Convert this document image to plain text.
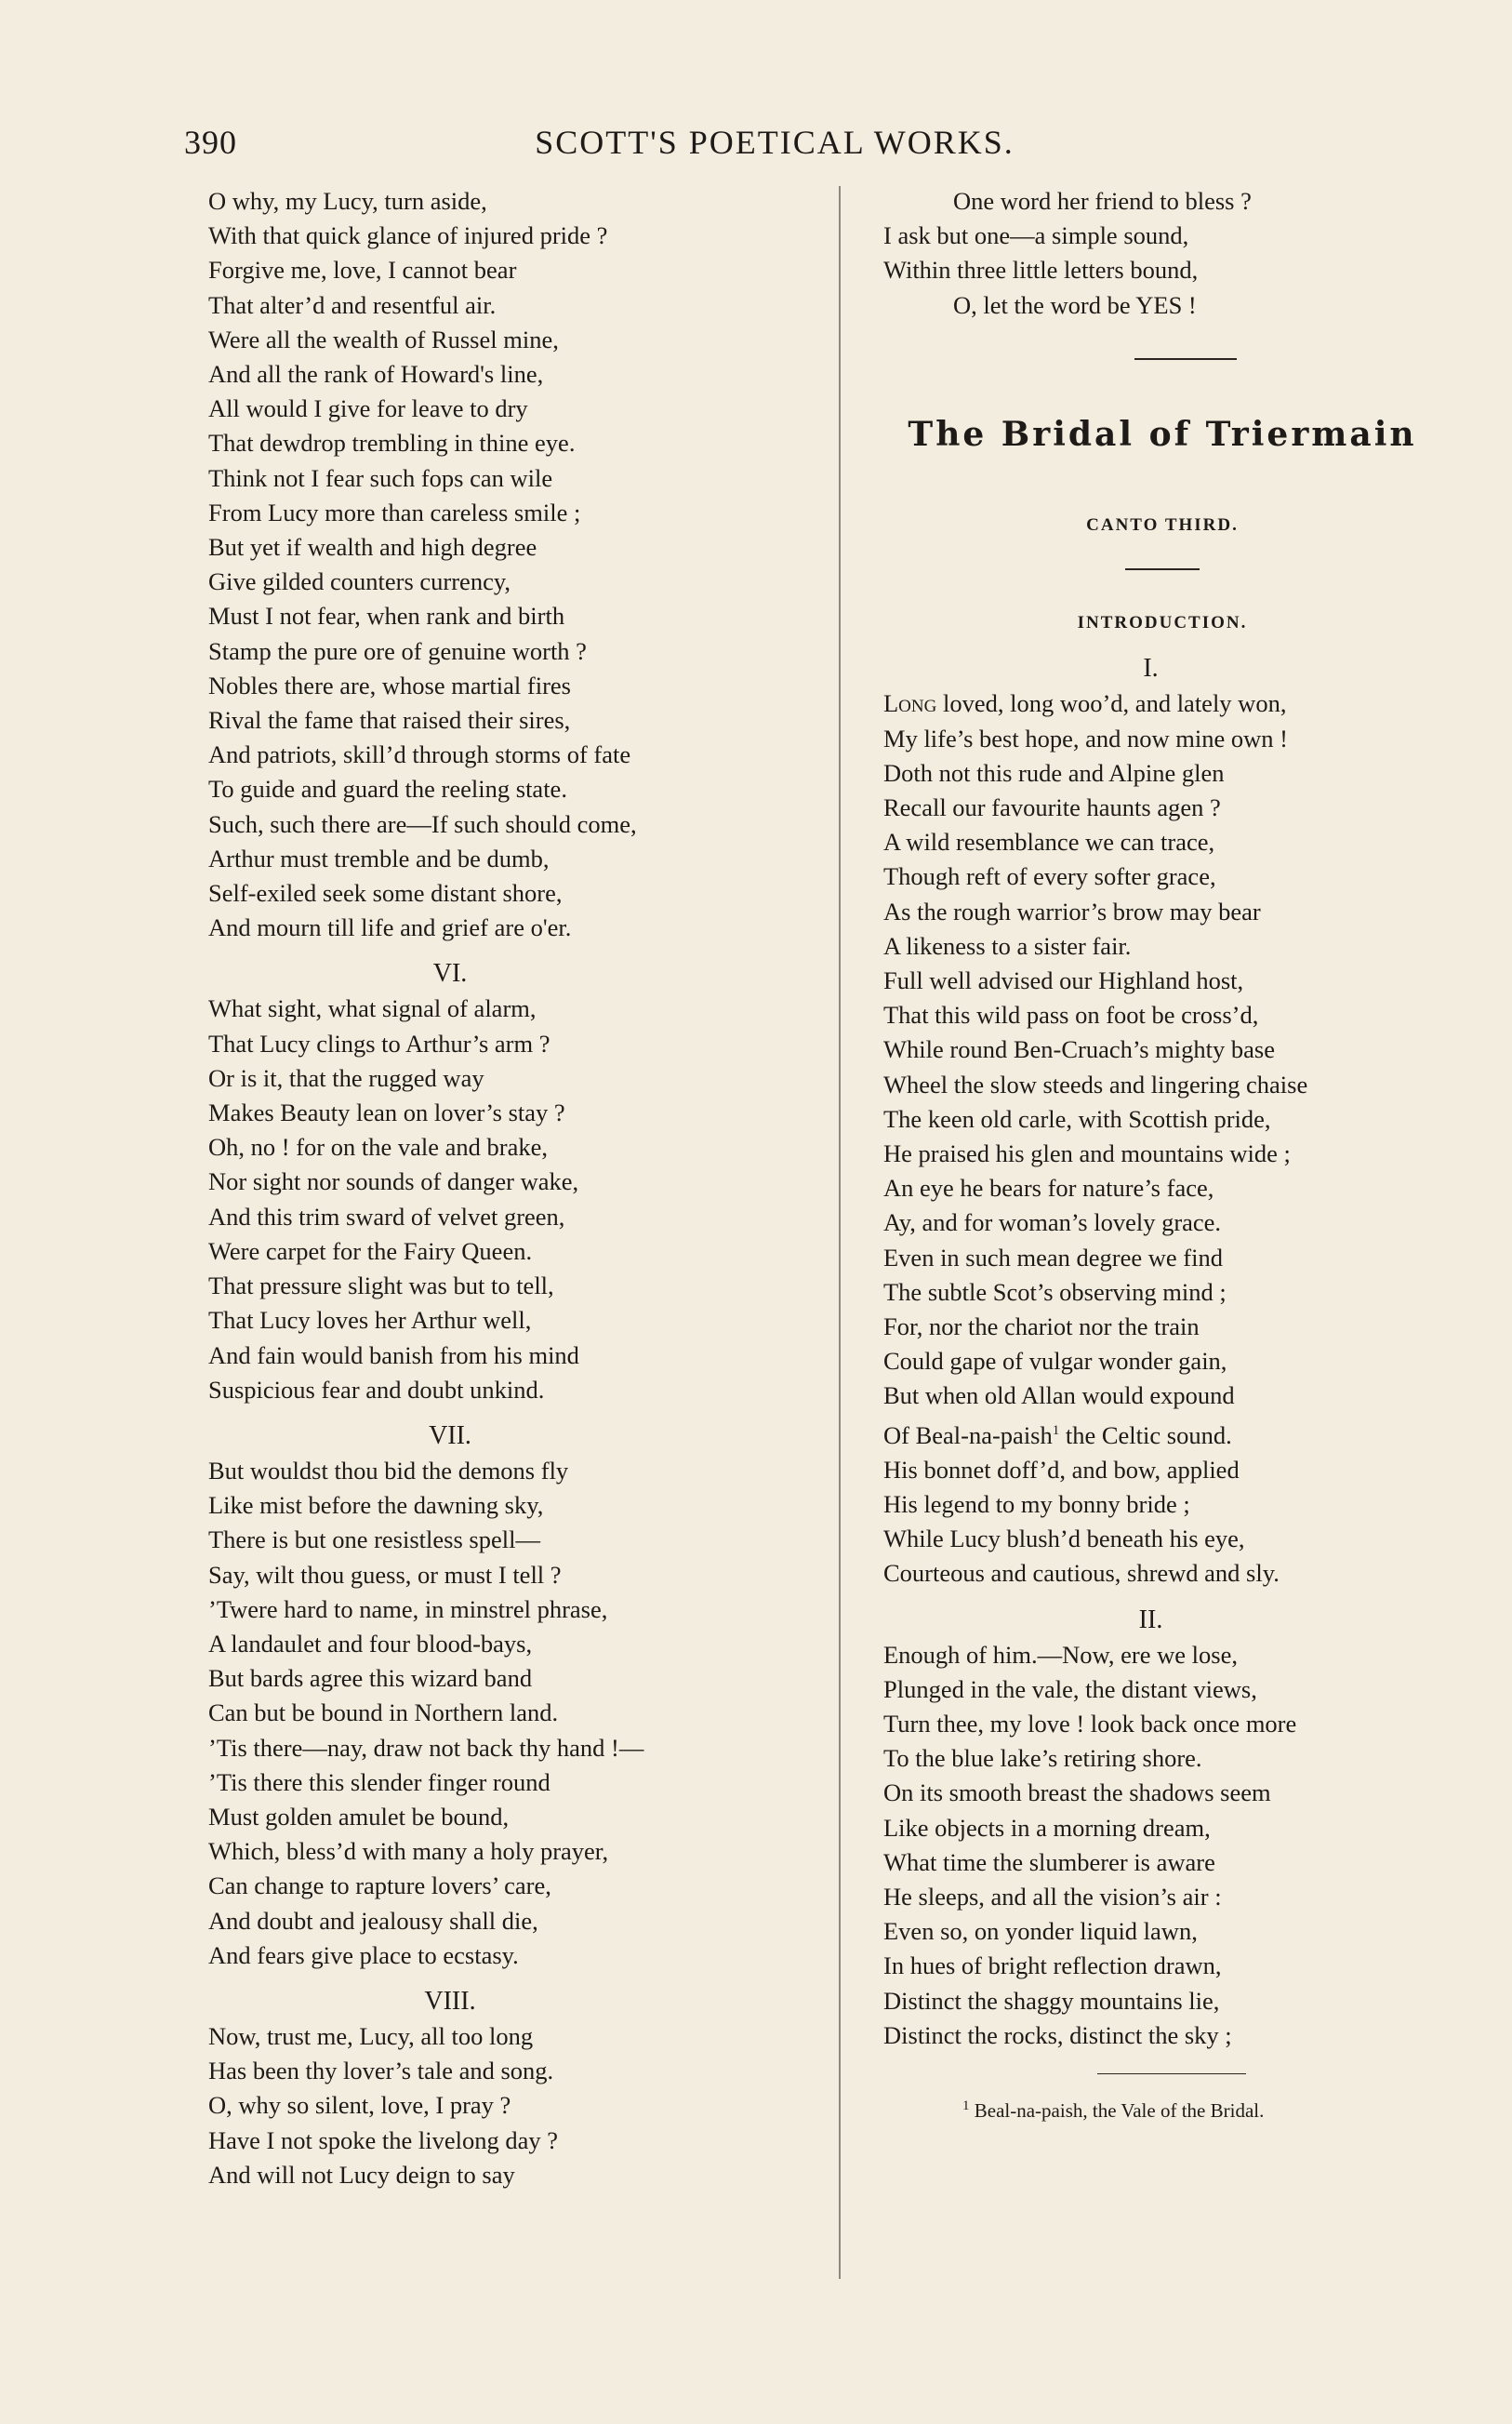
390	SCOTT'S POETICAL WORKS.
O why, my Lucy, turn aside,
With that quick glance of injured pride ?
Forgive me, love, I cannot bear
That alter’d and resentful air.
Were all the wealth of Russel mine,
And all the rank of Howard's line,
All would I give for leave to dry
That dewdrop trembling in thine eye.
Think not I fear such fops can wile
From Lucy more than careless smile ;
But yet if wealth and high degree
Give gilded counters currency,
Must I not fear, when rank and birth
Stamp the pure ore of genuine worth ?
Nobles there are, whose martial fires
Rival the fame that raised their sires,
And patriots, skill’d through storms of fate
To guide and guard the reeling state.
Such, such there are—If such should come,
Arthur must tremble and be dumb,
Self-exiled seek some distant shore,
And mourn till life and grief are o'er.
VI.
What sight, what signal of alarm,
That Lucy clings to Arthur’s arm ?
Or is it, that the rugged way
Makes Beauty lean on lover’s stay ?
Oh, no ! for on the vale and brake,
Nor sight nor sounds of danger wake,
And this trim sward of velvet green,
Were carpet for the Fairy Queen.
That pressure slight was but to tell,
That Lucy loves her Arthur well,
And fain would banish from his mind
Suspicious fear and doubt unkind.
VII.
But wouldst thou bid the demons fly
Like mist before the dawning sky,
There is but one resistless spell—
Say, wilt thou guess, or must I tell ?
’Twere hard to name, in minstrel phrase,
A landaulet and four blood-bays,
But bards agree this wizard band
Can but be bound in Northern land.
’Tis there—nay, draw not back thy hand !—
’Tis there this slender finger round
Must golden amulet be bound,
Which, bless’d with many a holy prayer,
Can change to rapture lovers’ care,
And doubt and jealousy shall die,
And fears give place to ecstasy.
VIII.
Now, trust me, Lucy, all too long
Has been thy lover’s tale and song.
O, why so silent, love, I pray ?
Have I not spoke the livelong day ?
And will not Lucy deign to say
One word her friend to bless ?
I ask but one—a simple sound,
Within three little letters bound,
O, let the word be YES !
The Bridal of Triermain
CANTO THIRD.
INTRODUCTION.
I.
Long loved, long woo’d, and lately won,
My life’s best hope, and now mine own !
Doth not this rude and Alpine glen
Recall our favourite haunts agen ?
A wild resemblance we can trace,
Though reft of every softer grace,
As the rough warrior’s brow may bear
A likeness to a sister fair.
Full well advised our Highland host,
That this wild pass on foot be cross’d,
While round Ben-Cruach’s mighty base
Wheel the slow steeds and lingering chaise
The keen old carle, with Scottish pride,
He praised his glen and mountains wide ;
An eye he bears for nature’s face,
Ay, and for woman’s lovely grace.
Even in such mean degree we find
The subtle Scot’s observing mind ;
For, nor the chariot nor the train
Could gape of vulgar wonder gain,
But when old Allan would expound
Of Beal-na-paish$^1$ the Celtic sound.
His bonnet doff’d, and bow, applied
His legend to my bonny bride ;
While Lucy blush’d beneath his eye,
Courteous and cautious, shrewd and sly.
II.
Enough of him.—Now, ere we lose,
Plunged in the vale, the distant views,
Turn thee, my love ! look back once more
To the blue lake’s retiring shore.
On its smooth breast the shadows seem
Like objects in a morning dream,
What time the slumberer is aware
He sleeps, and all the vision’s air :
Even so, on yonder liquid lawn,
In hues of bright reflection drawn,
Distinct the shaggy mountains lie,
Distinct the rocks, distinct the sky ;
$^1$ Beal-na-paish, the Vale of the Bridal.
